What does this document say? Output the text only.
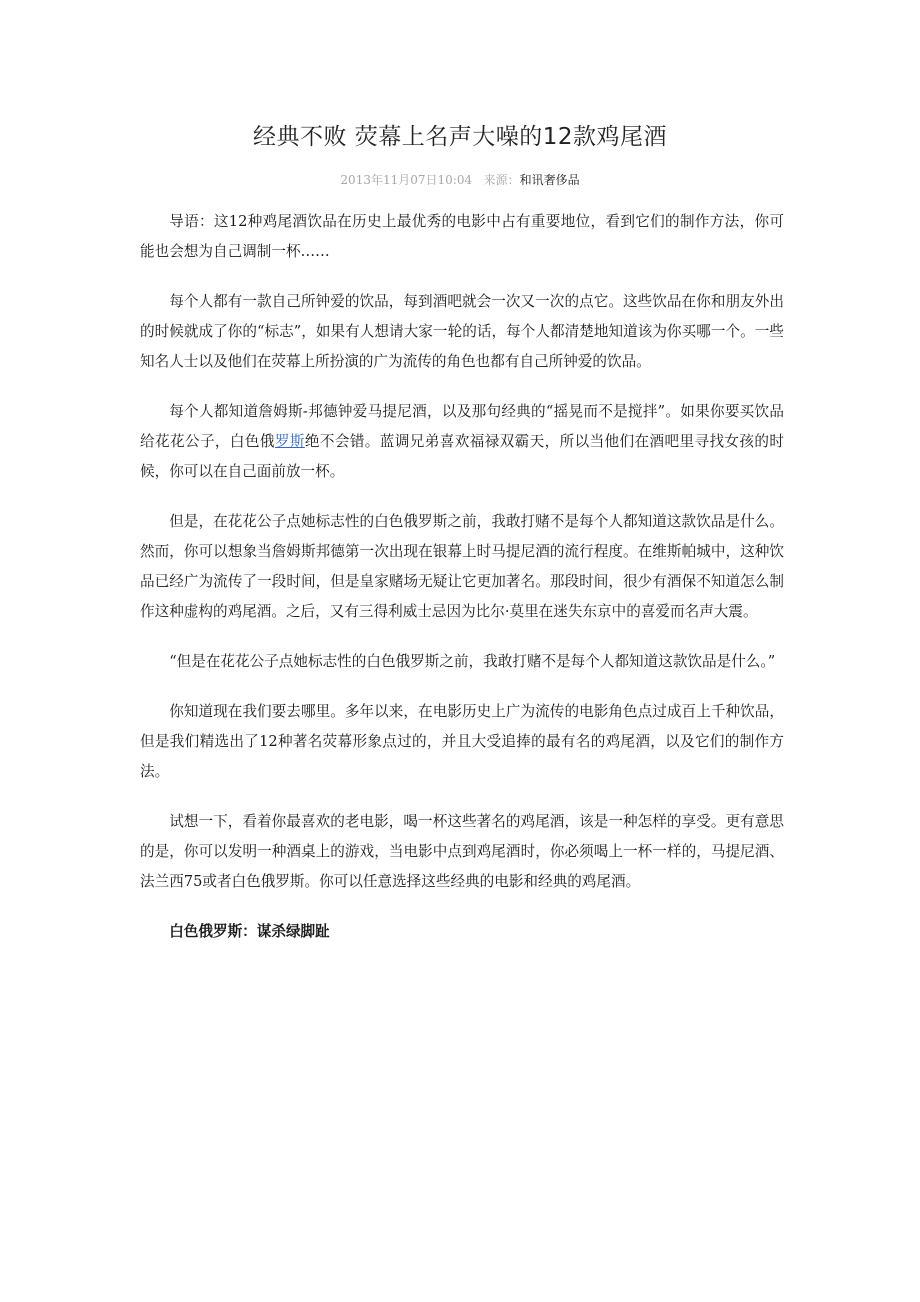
经典不败 荧幕上名声大噪的12款鸡尾酒
2013年11月07日10:04 来源：和讯奢侈品

导语：这12种鸡尾酒饮品在历史上最优秀的电影中占有重要地位，看到它们的制作方法，你可能也会想为自己调制一杯……

每个人都有一款自己所钟爱的饮品，每到酒吧就会一次又一次的点它。这些饮品在你和朋友外出的时候就成了你的“标志”，如果有人想请大家一轮的话，每个人都清楚地知道该为你买哪一个。一些知名人士以及他们在荧幕上所扮演的广为流传的角色也都有自己所钟爱的饮品。

每个人都知道詹姆斯-邦德钟爱马提尼酒，以及那句经典的“摇晃而不是搅拌”。如果你要买饮品给花花公子，白色俄罗斯绝不会错。蓝调兄弟喜欢福禄双霸天，所以当他们在酒吧里寻找女孩的时候，你可以在自己面前放一杯。

但是，在花花公子点她标志性的白色俄罗斯之前，我敢打赌不是每个人都知道这款饮品是什么。然而，你可以想象当詹姆斯邦德第一次出现在银幕上时马提尼酒的流行程度。在维斯帕城中，这种饮品已经广为流传了一段时间，但是皇家赌场无疑让它更加著名。那段时间，很少有酒保不知道怎么制作这种虚构的鸡尾酒。之后，又有三得利威士忌因为比尔·莫里在迷失东京中的喜爱而名声大震。

“但是在花花公子点她标志性的白色俄罗斯之前，我敢打赌不是每个人都知道这款饮品是什么。”

你知道现在我们要去哪里。多年以来，在电影历史上广为流传的电影角色点过成百上千种饮品，但是我们精选出了12种著名荧幕形象点过的，并且大受追捧的最有名的鸡尾酒，以及它们的制作方法。

试想一下，看着你最喜欢的老电影，喝一杯这些著名的鸡尾酒，该是一种怎样的享受。更有意思的是，你可以发明一种酒桌上的游戏，当电影中点到鸡尾酒时，你必须喝上一杯一样的，马提尼酒、法兰西75或者白色俄罗斯。你可以任意选择这些经典的电影和经典的鸡尾酒。

白色俄罗斯：谋杀绿脚趾
